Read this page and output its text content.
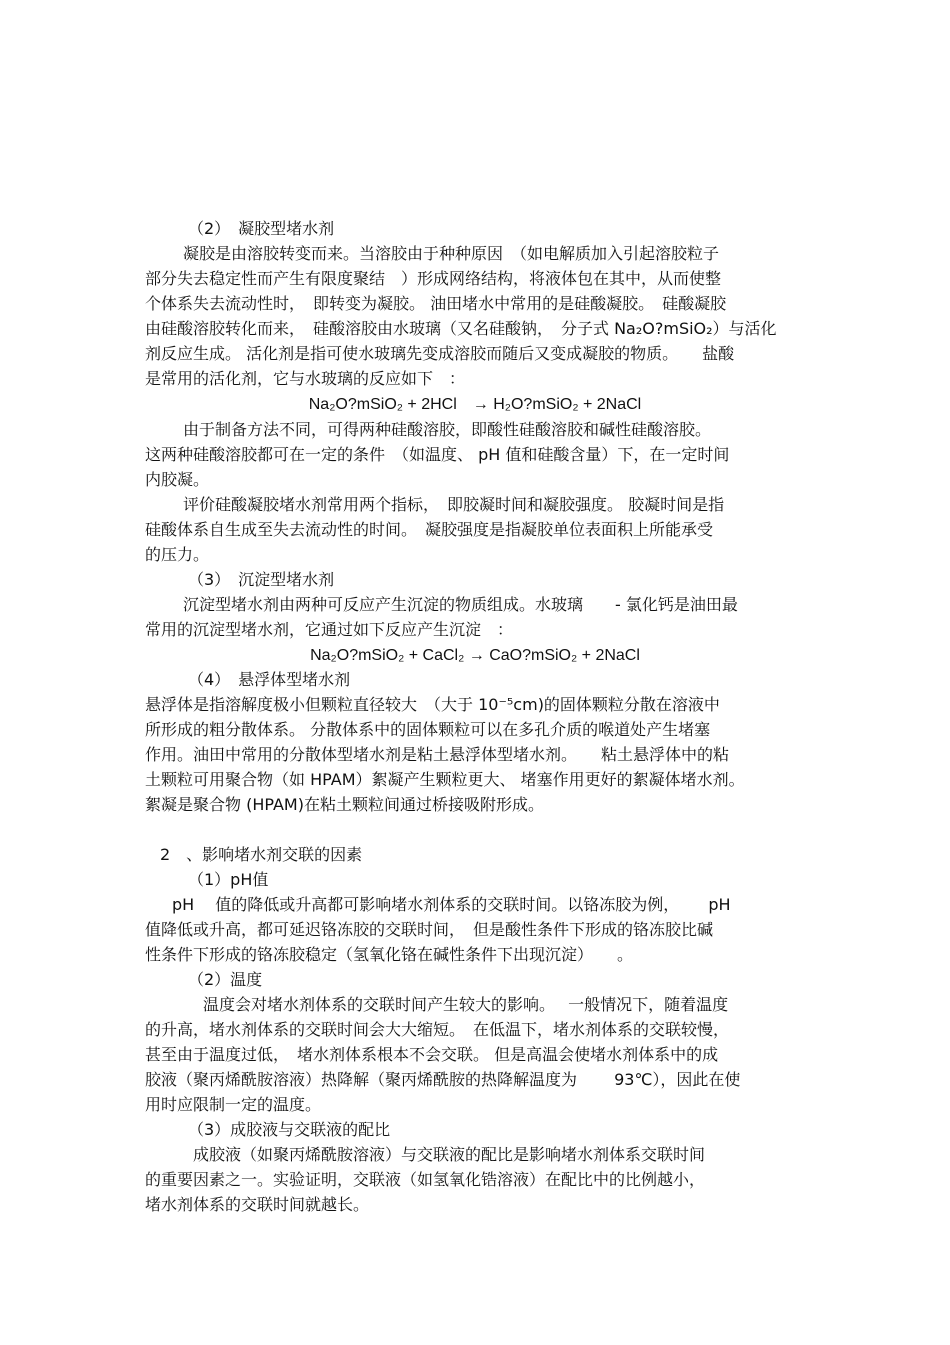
（2）　凝胶型堵水剂
凝胶是由溶胶转变而来。当溶胶由于种种原因　（如电解质加入引起溶胶粒子
部分失去稳定性而产生有限度聚结　）形成网络结构，将液体包在其中，从而使整
个体系失去流动性时，　即转变为凝胶。 油田堵水中常用的是硅酸凝胶。　硅酸凝胶
由硅酸溶胶转化而来，　硅酸溶胶由水玻璃（又名硅酸钠，　分子式 Na₂O?mSiO₂）与活化
剂反应生成。 活化剂是指可使水玻璃先变成溶胶而随后又变成凝胶的物质。　　盐酸
是常用的活化剂，它与水玻璃的反应如下　：
Na₂O?mSiO₂ + 2HCl　→ H₂O?mSiO₂ + 2NaCl
由于制备方法不同，可得两种硅酸溶胶，即酸性硅酸溶胶和碱性硅酸溶胶。
这两种硅酸溶胶都可在一定的条件　（如温度、 pH 值和硅酸含量）下，在一定时间
内胶凝。
评价硅酸凝胶堵水剂常用两个指标，　即胶凝时间和凝胶强度。 胶凝时间是指
硅酸体系自生成至失去流动性的时间。　凝胶强度是指凝胶单位表面积上所能承受
的压力。
（3）　沉淀型堵水剂
沉淀型堵水剂由两种可反应产生沉淀的物质组成。水玻璃　　- 氯化钙是油田最
常用的沉淀型堵水剂，它通过如下反应产生沉淀　：
Na₂O?mSiO₂ + CaCl₂ → CaO?mSiO₂ + 2NaCl
（4）　悬浮体型堵水剂
悬浮体是指溶解度极小但颗粒直径较大　（大于 10⁻⁵cm)的固体颗粒分散在溶液中
所形成的粗分散体系。 分散体系中的固体颗粒可以在多孔介质的喉道处产生堵塞
作用。油田中常用的分散体型堵水剂是粘土悬浮体型堵水剂。　　粘土悬浮体中的粘
土颗粒可用聚合物（如 HPAM）絮凝产生颗粒更大、 堵塞作用更好的絮凝体堵水剂。
絮凝是聚合物 (HPAM)在粘土颗粒间通过桥接吸附形成。
2　、影响堵水剂交联的因素
（1）pH值
pH　 值的降低或升高都可影响堵水剂体系的交联时间。以铬冻胶为例，　　 pH
值降低或升高，都可延迟铬冻胶的交联时间，　但是酸性条件下形成的铬冻胶比碱
性条件下形成的铬冻胶稳定（氢氧化铬在碱性条件下出现沉淀）　　。
（2）温度
温度会对堵水剂体系的交联时间产生较大的影响。　 一般情况下，随着温度
的升高，堵水剂体系的交联时间会大大缩短。　在低温下，堵水剂体系的交联较慢，
甚至由于温度过低，　堵水剂体系根本不会交联。 但是高温会使堵水剂体系中的成
胶液（聚丙烯酰胺溶液）热降解（聚丙烯酰胺的热降解温度为　　 93℃），因此在使
用时应限制一定的温度。
（3）成胶液与交联液的配比
成胶液（如聚丙烯酰胺溶液）与交联液的配比是影响堵水剂体系交联时间
的重要因素之一。实验证明，交联液（如氢氧化锆溶液）在配比中的比例越小，
堵水剂体系的交联时间就越长。
